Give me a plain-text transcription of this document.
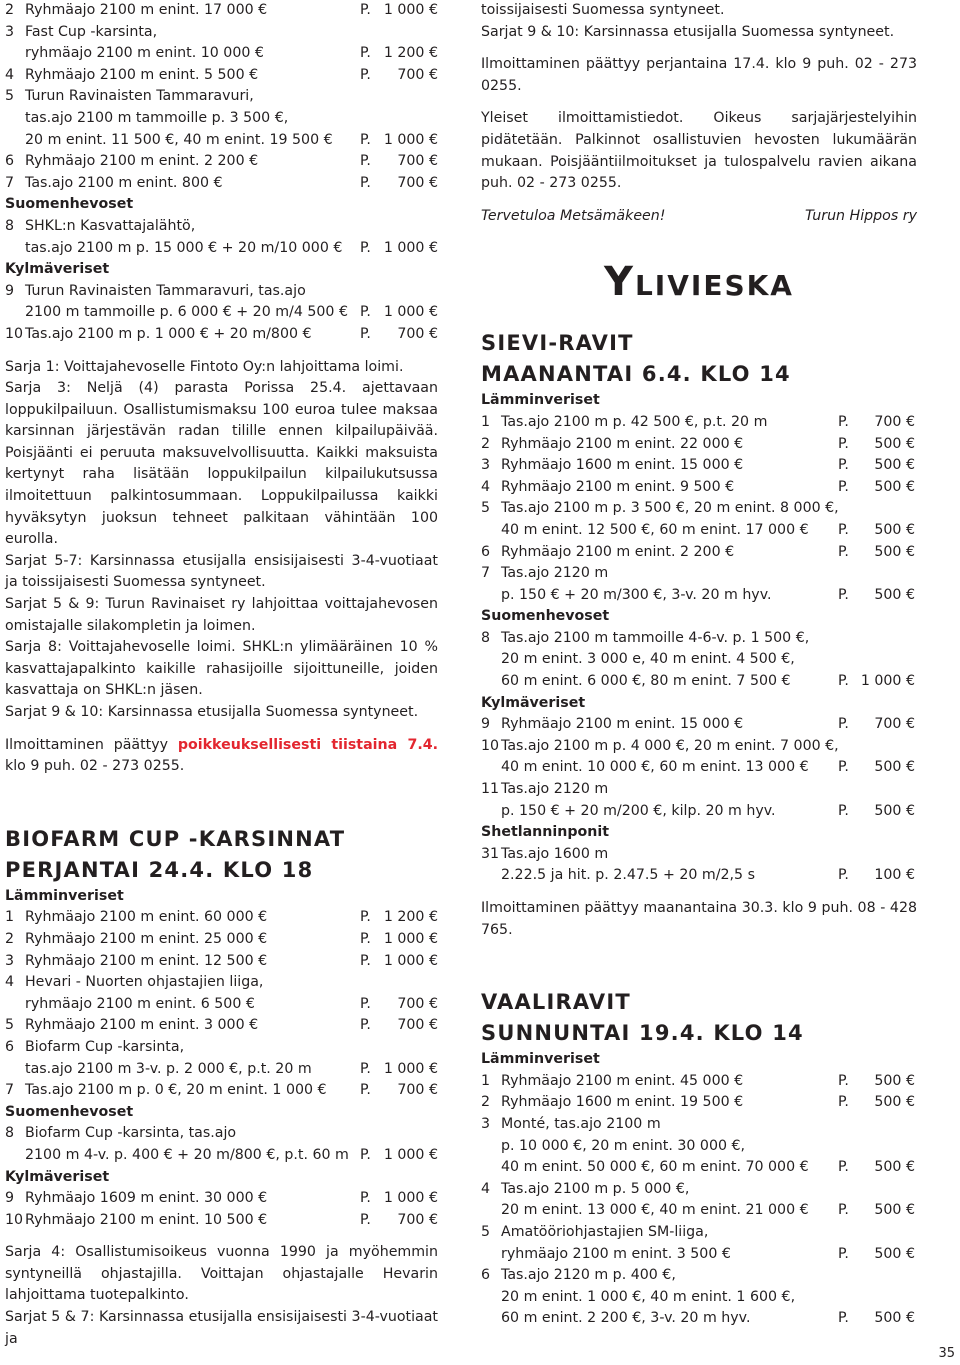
2 Ryhmäajo 2100 m enint. 17 000 €	P. 1 000 €
3 Fast Cup -karsinta,
ryhmäajo 2100 m enint. 10 000 €	P. 1 200 €
4 Ryhmäajo 2100 m enint. 5 500 €	P.	700 €
5 Turun Ravinaisten Tammaravuri,
tas.ajo 2100 m tammoille p. 3 500 €,
20 m enint. 11 500 €, 40 m enint. 19 500 € P. 1 000 €
6 Ryhmäajo 2100 m enint. 2 200 €	P.	700 €
7 Tas.ajo 2100 m enint. 800 €	P.	700 €
Suomenhevoset
8 SHKL:n Kasvattajalähtö,
tas.ajo 2100 m p. 15 000 € + 20 m/10 000 € P. 1 000 €
Kylmäveriset
9 Turun Ravinaisten Tammaravuri, tas.ajo
2100 m tammoille p. 6 000 € + 20 m/4 500 € P. 1 000 €
10 Tas.ajo 2100 m p. 1 000 € + 20 m/800 €	P.	700 €

Sarja 1: Voittajahevoselle Fintoto Oy:n lahjoittama loimi.

Sarja 3: Neljä (4) parasta Porissa 25.4. ajettavaan loppukilpailuun. Osallistumismaksu 100 euroa tulee maksaa karsinnan järjestävän radan tilille ennen kilpailupäivää. Poisjäänti ei peruuta maksuvelvollisuutta. Kaikki maksuista kertynyt raha lisätään loppukilpailun kilpailukutsussa ilmoitettuun palkintosummaan. Loppukilpailussa kaikki hyväksytyn juoksun tehneet palkitaan vähintään 100 eurolla.

Sarjat 5-7: Karsinnassa etusijalla ensisijaisesti 3-4-vuotiaat ja toissijaisesti Suomessa syntyneet.

Sarjat 5 & 9: Turun Ravinaiset ry lahjoittaa voittajahevosen omistajalle silakompletin ja loimen.

Sarja 8: Voittajahevoselle loimi. SHKL:n ylimääräinen 10 % kasvattajapalkinto kaikille rahasijoille sijoittuneille, joiden kasvattaja on SHKL:n jäsen.

Sarjat 9 & 10: Karsinnassa etusijalla Suomessa syntyneet.

Ilmoittaminen päättyy poikkeuksellisesti tiistaina 7.4. klo 9 puh. 02 - 273 0255.

BIOFARM CUP -KARSINNAT

PERJANTAI 24.4. KLO 18

Lämminveriset
1 Ryhmäajo 2100 m enint. 60 000 €	P. 1 200 €
2 Ryhmäajo 2100 m enint. 25 000 €	P. 1 000 €
3 Ryhmäajo 2100 m enint. 12 500 €	P. 1 000 €
4 Hevari - Nuorten ohjastajien liiga,
ryhmäajo 2100 m enint. 6 500 €	P.	700 €
5 Ryhmäajo 2100 m enint. 3 000 €	P.	700 €
6 Biofarm Cup -karsinta,
tas.ajo 2100 m 3-v. p. 2 000 €, p.t. 20 m	P. 1 000 €
7 Tas.ajo 2100 m p. 0 €, 20 m enint. 1 000 € P.	700 €
Suomenhevoset
8 Biofarm Cup -karsinta, tas.ajo
2100 m 4-v. p. 400 € + 20 m/800 €, p.t. 60 m P. 1 000 €
Kylmäveriset
9 Ryhmäajo 1609 m enint. 30 000 €	P. 1 000 €
10 Ryhmäajo 2100 m enint. 10 500 €	P.	700 €

Sarja 4: Osallistumisoikeus vuonna 1990 ja myöhemmin syntyneillä ohjastajilla. Voittajan ohjastajalle Hevarin lahjoittama tuotepalkinto.

Sarjat 5 & 7: Karsinnassa etusijalla ensisijaisesti 3-4-vuotiaat ja

toissijaisesti Suomessa syntyneet.

Sarjat 9 & 10: Karsinnassa etusijalla Suomessa syntyneet.

Ilmoittaminen päättyy perjantaina 17.4. klo 9 puh. 02 - 273 0255.

Yleiset ilmoittamistiedot. Oikeus sarjajärjestelyihin pidätetään. Palkinnot osallistuvien hevosten lukumäärän mukaan. Poisjääntiilmoitukset ja tulospalvelu ravien aikana puh. 02 - 273 0255.

Tervetuloa Metsämäkeen!	Turun Hippos ry

Ylivieska

SIEVI-RAVIT

MAANANTAI 6.4. KLO 14

Lämminveriset
1 Tas.ajo 2100 m p. 42 500 €, p.t. 20 m	P.	700 €
2 Ryhmäajo 2100 m enint. 22 000 €	P.	500 €
3 Ryhmäajo 1600 m enint. 15 000 €	P.	500 €
4 Ryhmäajo 2100 m enint. 9 500 €	P.	500 €
5 Tas.ajo 2100 m p. 3 500 €, 20 m enint. 8 000 €,
40 m enint. 12 500 €, 60 m enint. 17 000 € P.	500 €
6 Ryhmäajo 2100 m enint. 2 200 €	P.	500 €
7 Tas.ajo 2120 m
p. 150 € + 20 m/300 €, 3-v. 20 m hyv.	P.	500 €
Suomenhevoset
8 Tas.ajo 2100 m tammoille 4-6-v. p. 1 500 €,
20 m enint. 3 000 e, 40 m enint. 4 500 €,
60 m enint. 6 000 €, 80 m enint. 7 500 €	P. 1 000 €
Kylmäveriset
9 Ryhmäajo 2100 m enint. 15 000 €	P.	700 €
10 Tas.ajo 2100 m p. 4 000 €, 20 m enint. 7 000 €,
40 m enint. 10 000 €, 60 m enint. 13 000 € P.	500 €
11 Tas.ajo 2120 m
p. 150 € + 20 m/200 €, kilp. 20 m hyv.	P.	500 €
Shetlanninponit
31 Tas.ajo 1600 m
2.22.5 ja hit. p. 2.47.5 + 20 m/2,5 s	P.	100 €

Ilmoittaminen päättyy maanantaina 30.3. klo 9 puh. 08 - 428 765.

VAALIRAVIT

SUNNUNTAI 19.4. KLO 14

Lämminveriset
1 Ryhmäajo 2100 m enint. 45 000 €	P.	500 €
2 Ryhmäajo 1600 m enint. 19 500 €	P.	500 €
3 Monté, tas.ajo 2100 m
p. 10 000 €, 20 m enint. 30 000 €,
40 m enint. 50 000 €, 60 m enint. 70 000 € P.	500 €
4 Tas.ajo 2100 m p. 5 000 €,
20 m enint. 13 000 €, 40 m enint. 21 000 € P.	500 €
5 Amatööriohjastajien SM-liiga,
ryhmäajo 2100 m enint. 3 500 €	P.	500 €
6 Tas.ajo 2120 m p. 400 €,
20 m enint. 1 000 €, 40 m enint. 1 600 €,
60 m enint. 2 200 €, 3-v. 20 m hyv.	P.	500 €
35
